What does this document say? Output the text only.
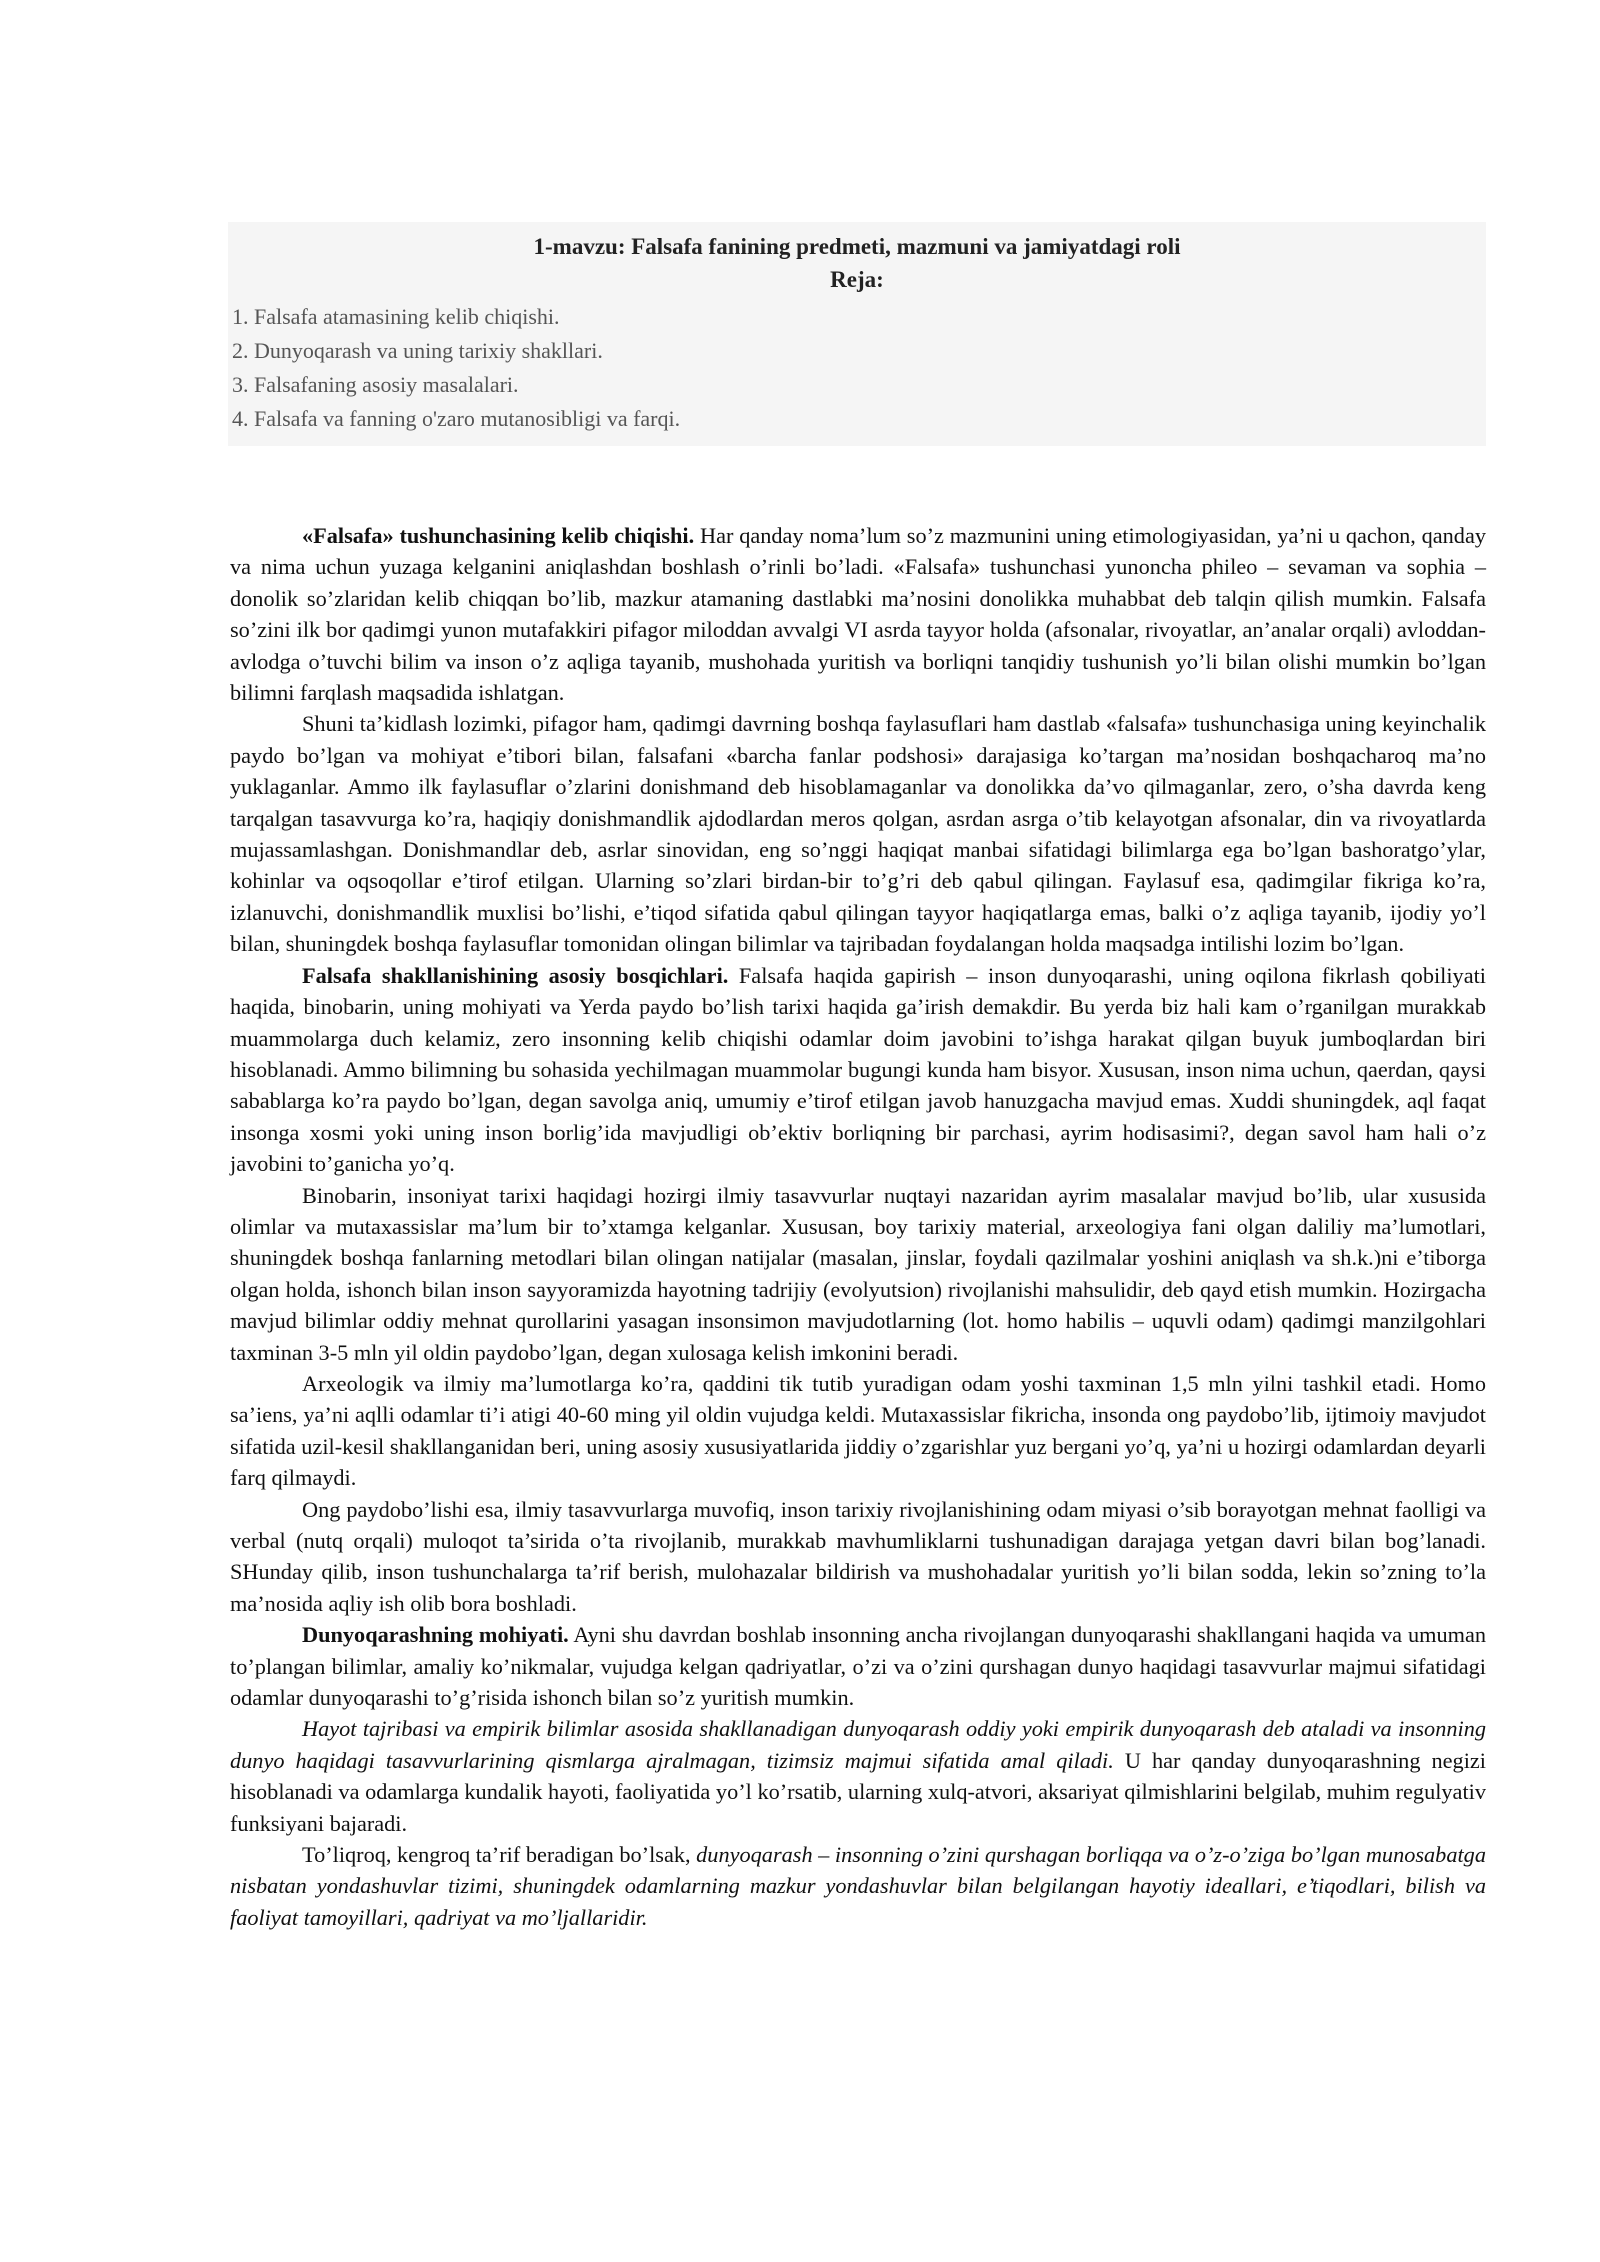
1-mavzu: Falsafa fanining predmeti, mazmuni va jamiyatdagi roli
Reja:
1. Falsafa atamasining kelib chiqishi.
2. Dunyoqarash va uning tarixiy shakllari.
3. Falsafaning asosiy masalalari.
4. Falsafa va fanning o'zaro mutanosibligi va farqi.

«Falsafa» tushunchasining kelib chiqishi. Har qanday noma’lum so’z mazmunini uning etimologiyasidan, ya’ni u qachon, qanday va nima uchun yuzaga kelganini aniqlashdan boshlash o’rinli bo’ladi. «Falsafa» tushunchasi yunoncha phileo – sevaman va sophia – donolik so’zlaridan kelib chiqqan bo’lib, mazkur atamaning dastlabki ma’nosini donolikka muhabbat deb talqin qilish mumkin. Falsafa so’zini ilk bor qadimgi yunon mutafakkiri pifagor miloddan avvalgi VI asrda tayyor holda (afsonalar, rivoyatlar, an’analar orqali) avloddan-avlodga o’tuvchi bilim va inson o’z aqliga tayanib, mushohada yuritish va borliqni tanqidiy tushunish yo’li bilan olishi mumkin bo’lgan bilimni farqlash maqsadida ishlatgan.

Shuni ta’kidlash lozimki, pifagor ham, qadimgi davrning boshqa faylasuflari ham dastlab «falsafa» tushunchasiga uning keyinchalik paydo bo’lgan va mohiyat e’tibori bilan, falsafani «barcha fanlar podshosi» darajasiga ko’targan ma’nosidan boshqacharoq ma’no yuklaganlar. Ammo ilk faylasuflar o’zlarini donishmand deb hisoblamaganlar va donolikka da’vo qilmaganlar, zero, o’sha davrda keng tarqalgan tasavvurga ko’ra, haqiqiy donishmandlik ajdodlardan meros qolgan, asrdan asrga o’tib kelayotgan afsonalar, din va rivoyatlarda mujassamlashgan. Donishmandlar deb, asrlar sinovidan, eng so’nggi haqiqat manbai sifatidagi bilimlarga ega bo’lgan bashoratgo’ylar, kohinlar va oqsoqollar e’tirof etilgan. Ularning so’zlari birdan-bir to’g’ri deb qabul qilingan. Faylasuf esa, qadimgilar fikriga ko’ra, izlanuvchi, donishmandlik muxlisi bo’lishi, e’tiqod sifatida qabul qilingan tayyor haqiqatlarga emas, balki o’z aqliga tayanib, ijodiy yo’l bilan, shuningdek boshqa faylasuflar tomonidan olingan bilimlar va tajribadan foydalangan holda maqsadga intilishi lozim bo’lgan.

Falsafa shakllanishining asosiy bosqichlari. Falsafa haqida gapirish – inson dunyoqarashi, uning oqilona fikrlash qobiliyati haqida, binobarin, uning mohiyati va Yerda paydo bo’lish tarixi haqida ga’irish demakdir. Bu yerda biz hali kam o’rganilgan murakkab muammolarga duch kelamiz, zero insonning kelib chiqishi odamlar doim javobini to’ishga harakat qilgan buyuk jumboqlardan biri hisoblanadi. Ammo bilimning bu sohasida yechilmagan muammolar bugungi kunda ham bisyor. Xususan, inson nima uchun, qaerdan, qaysi sabablarga ko’ra paydo bo’lgan, degan savolga aniq, umumiy e’tirof etilgan javob hanuzgacha mavjud emas. Xuddi shuningdek, aql faqat insonga xosmi yoki uning inson borlig’ida mavjudligi ob’ektiv borliqning bir parchasi, ayrim hodisasimi?, degan savol ham hali o’z javobini to’ganicha yo’q.

Binobarin, insoniyat tarixi haqidagi hozirgi ilmiy tasavvurlar nuqtayi nazaridan ayrim masalalar mavjud bo’lib, ular xususida olimlar va mutaxassislar ma’lum bir to’xtamga kelganlar. Xususan, boy tarixiy material, arxeologiya fani olgan daliliy ma’lumotlari, shuningdek boshqa fanlarning metodlari bilan olingan natijalar (masalan, jinslar, foydali qazilmalar yoshini aniqlash va sh.k.)ni e’tiborga olgan holda, ishonch bilan inson sayyoramizda hayotning tadrijiy (evolyutsion) rivojlanishi mahsulidir, deb qayd etish mumkin. Hozirgacha mavjud bilimlar oddiy mehnat qurollarini yasagan insonsimon mavjudotlarning (lot. homo habilis – uquvli odam) qadimgi manzilgohlari taxminan 3-5 mln yil oldin paydobo’lgan, degan xulosaga kelish imkonini beradi.

Arxeologik va ilmiy ma’lumotlarga ko’ra, qaddini tik tutib yuradigan odam yoshi taxminan 1,5 mln yilni tashkil etadi. Homo sa’iens, ya’ni aqlli odamlar ti’i atigi 40-60 ming yil oldin vujudga keldi. Mutaxassislar fikricha, insonda ong paydobo’lib, ijtimoiy mavjudot sifatida uzil-kesil shakllanganidan beri, uning asosiy xususiyatlarida jiddiy o’zgarishlar yuz bergani yo’q, ya’ni u hozirgi odamlardan deyarli farq qilmaydi.

Ong paydobo’lishi esa, ilmiy tasavvurlarga muvofiq, inson tarixiy rivojlanishining odam miyasi o’sib borayotgan mehnat faolligi va verbal (nutq orqali) muloqot ta’sirida o’ta rivojlanib, murakkab mavhumliklarni tushunadigan darajaga yetgan davri bilan bog’lanadi. SHunday qilib, inson tushunchalarga ta’rif berish, mulohazalar bildirish va mushohadalar yuritish yo’li bilan sodda, lekin so’zning to’la ma’nosida aqliy ish olib bora boshladi.

Dunyoqarashning mohiyati. Ayni shu davrdan boshlab insonning ancha rivojlangan dunyoqarashi shakllangani haqida va umuman to’plangan bilimlar, amaliy ko’nikmalar, vujudga kelgan qadriyatlar, o’zi va o’zini qurshagan dunyo haqidagi tasavvurlar majmui sifatidagi odamlar dunyoqarashi to’g’risida ishonch bilan so’z yuritish mumkin.

Hayot tajribasi va empirik bilimlar asosida shakllanadigan dunyoqarash oddiy yoki empirik dunyoqarash deb ataladi va insonning dunyo haqidagi tasavvurlarining qismlarga ajralmagan, tizimsiz majmui sifatida amal qiladi. U har qanday dunyoqarashning negizi hisoblanadi va odamlarga kundalik hayoti, faoliyatida yo’l ko’rsatib, ularning xulq-atvori, aksariyat qilmishlarini belgilab, muhim regulyativ funksiyani bajaradi.

To’liqroq, kengroq ta’rif beradigan bo’lsak, dunyoqarash – insonning o’zini qurshagan borliqqa va o’z-o’ziga bo’lgan munosabatga nisbatan yondashuvlar tizimi, shuningdek odamlarning mazkur yondashuvlar bilan belgilangan hayotiy ideallari, e’tiqodlari, bilish va faoliyat tamoyillari, qadriyat va mo’ljallaridir.
